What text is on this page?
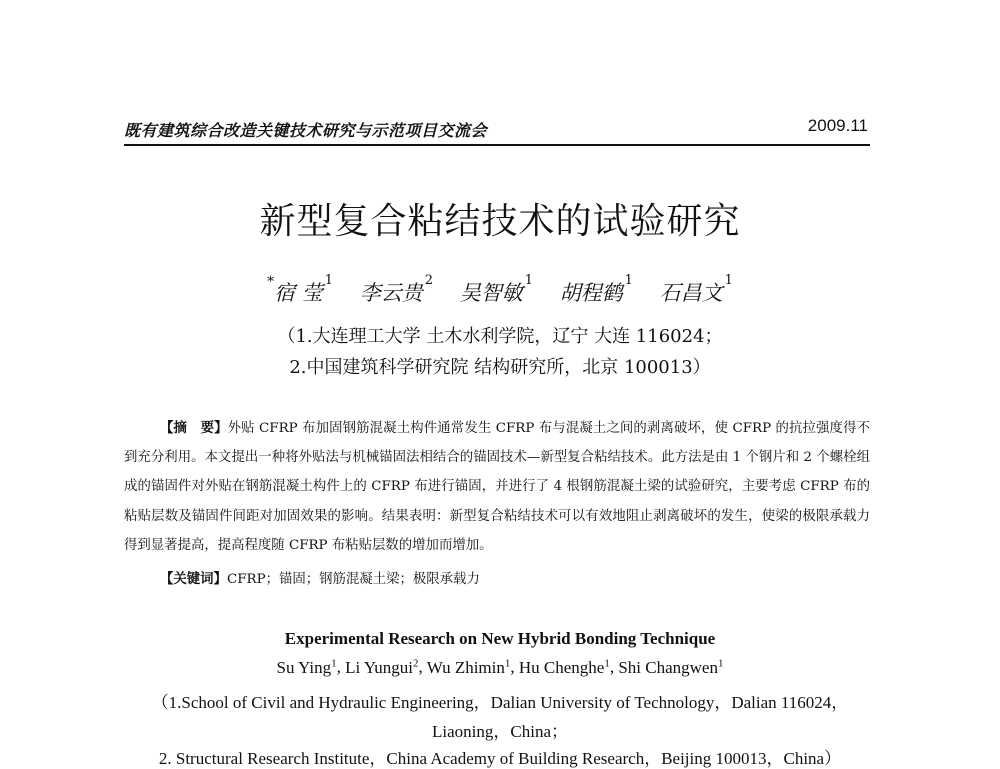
既有建筑综合改造关键技术研究与示范项目交流会	2009.11
新型复合粘结技术的试验研究
*宿 莹$^1$ 李云贵$^2$ 吴智敏$^1$ 胡程鹤$^1$ 石昌文$^1$
（1.大连理工大学 土木水利学院，辽宁 大连 116024；
2.中国建筑科学研究院 结构研究所，北京 100013）

【摘　要】外贴 CFRP 布加固钢筋混凝土构件通常发生 CFRP 布与混凝土之间的剥离破坏，使 CFRP 的抗拉强度得不到充分利用。本文提出一种将外贴法与机械锚固法相结合的锚固技术—新型复合粘结技术。此方法是由 1 个钢片和 2 个螺栓组成的锚固件对外贴在钢筋混凝土构件上的 CFRP 布进行锚固，并进行了 4 根钢筋混凝土梁的试验研究，主要考虑 CFRP 布的粘贴层数及锚固件间距对加固效果的影响。结果表明：新型复合粘结技术可以有效地阻止剥离破坏的发生，使梁的极限承载力得到显著提高，提高程度随 CFRP 布粘贴层数的增加而增加。

【关键词】CFRP；锚固；钢筋混凝土梁；极限承载力
Experimental Research on New Hybrid Bonding Technique
Su Ying$^1$, Li Yungui$^2$, Wu Zhimin$^1$, Hu Chenghe$^1$, Shi Changwen$^1$
（1.School of Civil and Hydraulic Engineering，Dalian University of Technology，Dalian 116024，
Liaoning，China；
2. Structural Research Institute，China Academy of Building Research，Beijing 100013，China）
